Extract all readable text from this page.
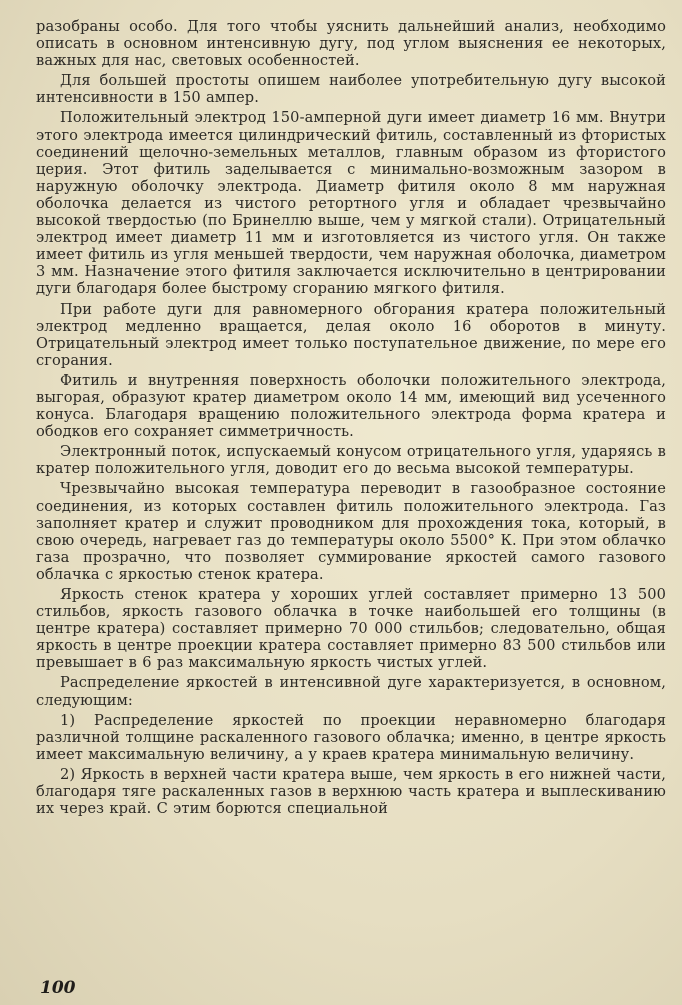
разобраны особо. Для того чтобы уяснить дальнейший анализ, необходимо описать в основном интенсивную дугу, под углом выяснения ее некоторых, важных для нас, световых особенностей.

Для большей простоты опишем наиболее употребительную дугу высокой интенсивности в 150 ампер.

Положительный электрод 150-амперной дуги имеет диаметр 16 мм. Внутри этого электрода имеется цилиндрический фитиль, составленный из фтористых соединений щелочно-земельных металлов, главным образом из фтористого церия. Этот фитиль заделывается с минимально-возможным зазором в наружную оболочку электрода. Диаметр фитиля около 8 мм наружная оболочка делается из чистого ретортного угля и обладает чрезвычайно высокой твердостью (по Бринеллю выше, чем у мягкой стали). Отрицательный электрод имеет диаметр 11 мм и изготовляется из чистого угля. Он также имеет фитиль из угля меньшей твердости, чем наружная оболочка, диаметром 3 мм. Назначение этого фитиля заключается исключительно в центрировании дуги благодаря более быстрому сгоранию мягкого фитиля.

При работе дуги для равномерного обгорания кратера положительный электрод медленно вращается, делая около 16 оборотов в минуту. Отрицательный электрод имеет только поступательное движение, по мере его сгорания.

Фитиль и внутренняя поверхность оболочки положительного электрода, выгорая, образуют кратер диаметром около 14 мм, имеющий вид усеченного конуса. Благодаря вращению положительного электрода форма кратера и ободков его сохраняет симметричность.

Электронный поток, испускаемый конусом отрицательного угля, ударяясь в кратер положительного угля, доводит его до весьма высокой температуры.

Чрезвычайно высокая температура переводит в газообразное состояние соединения, из которых составлен фитиль положительного электрода. Газ заполняет кратер и служит проводником для прохождения тока, который, в свою очередь, нагревает газ до температуры около 5500° К. При этом облачко газа прозрачно, что позволяет суммирование яркостей самого газового облачка с яркостью стенок кратера.

Яркость стенок кратера у хороших углей составляет примерно 13 500 стильбов, яркость газового облачка в точке наибольшей его толщины (в центре кратера) составляет примерно 70 000 стильбов; следовательно, общая яркость в центре проекции кратера составляет примерно 83 500 стильбов или превышает в 6 раз максимальную яркость чистых углей.

Распределение яркостей в интенсивной дуге характеризуется, в основном, следующим:

1) Распределение яркостей по проекции неравномерно благодаря различной толщине раскаленного газового облачка; именно, в центре яркость имеет максимальную величину, а у краев кратера минимальную величину.

2) Яркость в верхней части кратера выше, чем яркость в его нижней части, благодаря тяге раскаленных газов в верхнюю часть кратера и выплескиванию их через край. С этим борются специальной

100
